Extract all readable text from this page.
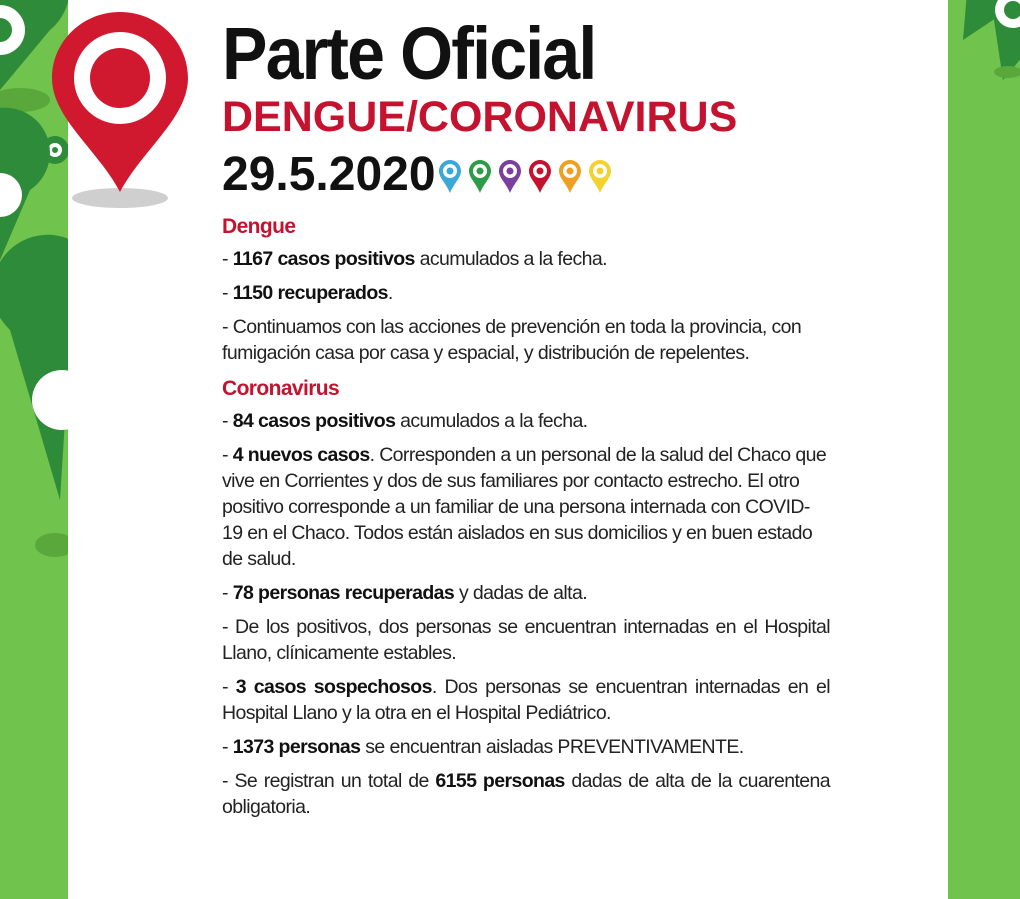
Parte Oficial
DENGUE/CORONAVIRUS
29.5.2020
Dengue
- 1167 casos positivos acumulados a la fecha.
- 1150 recuperados.
- Continuamos con las acciones de prevención en toda la provincia, con fumigación casa por casa y espacial, y distribución de repelentes.
Coronavirus
- 84 casos positivos acumulados a la fecha.
- 4 nuevos casos. Corresponden a un personal de la salud del Chaco que vive en Corrientes y dos de sus familiares por contacto estrecho. El otro positivo corresponde a un familiar de una persona internada con COVID-19 en el Chaco. Todos están aislados en sus domicilios y en buen estado de salud.
- 78 personas recuperadas y dadas de alta.
- De los positivos, dos personas se encuentran internadas en el Hospital Llano, clínicamente estables.
- 3 casos sospechosos. Dos personas se encuentran internadas en el Hospital Llano y la otra en el Hospital Pediátrico.
- 1373 personas se encuentran aisladas PREVENTIVAMENTE.
- Se registran un total de 6155 personas dadas de alta de la cuarentena obligatoria.
